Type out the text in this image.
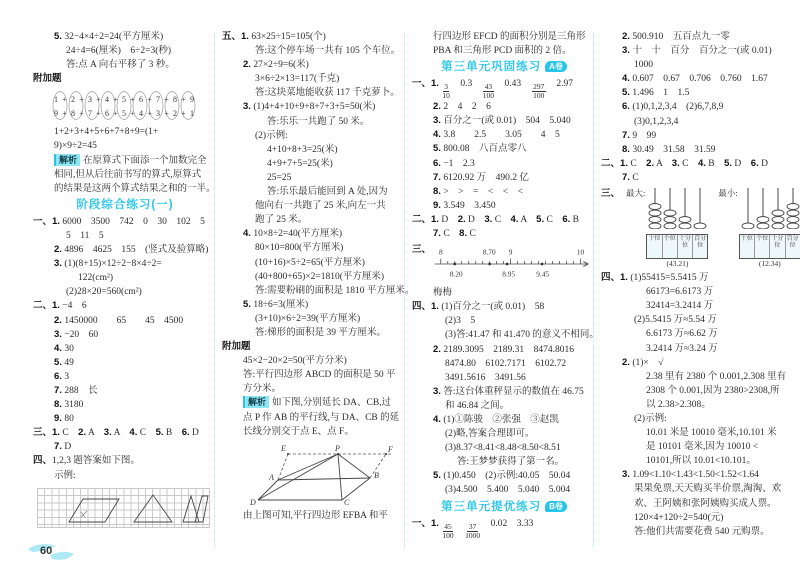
5. 32−4×4÷2=24(平方厘米)
24÷4=6(厘米)　6÷2=3(秒)
答:点 A 向右平移了 3 秒。
附加题
1+2+3+4+5+6+7+8+9
9+8+7+6+5+4+3+2+1
1+2+3+4+5+6+7+8+9=(1+
9)×9÷2=45
解析 在原算式下面添一个加数完全
相同,但从后往前书写的算式,原算式
的结果是这两个算式结果之和的一半。
阶段综合练习(一)
一、1. 6000　3500　742　0　30　102　5
5　11　5
2. 4896　4625　155　(竖式及验算略)
3. (1)(8+15)×12÷2−8×4÷2=
122(cm²)
(2)28×20=560(cm²)
二、1. −4　6
2. 1450000　　65　　45　4500
3. −20　60
4. 30
5. 49
6. 3
7. 288　长
8. 3180
9. 80
三、1. C　2. A　3. A　4. C　5. B　6. D
7. D
四、1,2,3 题答案如下图。
示例:
五、1. 63×25÷15=105(个)
答:这个停车场一共有 105 个车位。
2. 27×2÷9=6(米)
3×6÷2×13=117(千克)
答:这块菜地能收获 117 千克萝卜。
3. (1)4+4+10+9+8+7+3+5=50(米)
答:乐乐一共跑了 50 米。
(2)示例:
4+10+8+3=25(米)
4+9+7+5=25(米)
25=25
答:乐乐最后能回到 A 处,因为
他向右一共跑了 25 米,向左一共
跑了 25 米。
4. 10×8÷2=40(平方厘米)
80×10=800(平方厘米)
(10+16)×5÷2=65(平方厘米)
(40+800+65)×2=1810(平方厘米)
答:需要粉刷的面积是 1810 平方厘米。
5. 18÷6=3(厘米)
(3+10)×6÷2=39(平方厘米)
答:梯形的面积是 39 平方厘米。
附加题
45×2−20×2=50(平方分米)
答:平行四边形 ABCD 的面积是 50 平
方分米。
解析 如下图,分别延长 DA、CB,过
点 P 作 AB 的平行线,与 DA、CB 的延
长线分别交于点 E、点 F。
E	P	F
A	B
D	C
由上图可知,平行四边形 EFBA 和平
行四边形 EFCD 的面积分别是三角形
PBA 和三角形 PCD 面积的 2 倍。
第三单元巩固练习 A卷
一、1. $\frac{3}{10}$ 　0.3　 $\frac{43}{100}$ 　0.43　 $\frac{297}{100}$ 　2.97
2. 2　4　2　6
3. 百分之一(或 0.01)　504　5.040
4. 3.8　　2.5　　3.05　　4　5
5. 800.08　八百点零八
6. −1　2.3
7. 6120.92 万　490.2 亿
8. >　>　=　<　<　<
9. 3.549　3.450
二、1. D　2. D　3. C　4. A　5. C　6. B
7. C　8. C
三、 8	8.70 9	10
8.20	8.95	9.45
梅梅
四、1. (1)百分之一(或 0.01)　58
(2)3　5
(3)答:41.47 和 41.470 的意义不相同。
2. 2189.3095　2189.31　8474.8016
8474.80　6102.7171　6102.72
3491.5616　3491.56
3. 答:这台体重秤显示的数值在 46.75
和 46.84 之间。
4. (1)①陈骏　②张强　③赵凯
(2)略,答案合理即可。
(3)8.37<8.41<8.48<8.50<8.51
答:王梦梦获得了第一名。
5. (1)0.450　(2)示例:40.05　50.04
(3)4.500　5.400　5.040　5.004
第三单元提优练习 B卷
一、1. $\frac{45}{100}$
　 $\frac{37}{1000}$ 　0.02　3.33
2. 500.910　五百点九一零
3. 十　十　百分　百分之一(或 0.01)
1000
4. 0.607　0.67　0.706　0.760　1.67
5. 1.496　1　1.5
6. (1)0,1,2,3,4　(2)6,7,8,9
(3)0,1,2,3,4
7. 9　99
8. 30.49　31.58　31.59
二、1. C　2. A　3. C　4. B　5. D　6. D
7. C
三、 最大:
十位 个位 十分位
百分位
(43.21)
最小:
十位 个位 十分位
百分位
(12.34)
四、1. (1)55415=5.5415 万
66173=6.6173 万
32414=3.2414 万
(2)5.5415 万≈5.54 万
6.6173 万≈6.62 万
3.2414 万≈3.24 万
2. (1)×　√
2.38 里有 2380 个 0.001,2.308 里有
2308 个 0.001,因为 2380>2308,所
以 2.38>2.308。
(2)示例:
10.01 米是 10010 毫米,10.101 米
是 10101 毫米,因为 10010 <
10101,所以 10.01<10.101。
3. 1.09<1.10<1.43<1.50<1.52<1.64
果果免票,天天购买半价票,淘淘、欢
欢、王阿姨和张阿姨购买成人票。
120×4+120÷2=540(元)
答:他们共需要花费 540 元购票。
60
